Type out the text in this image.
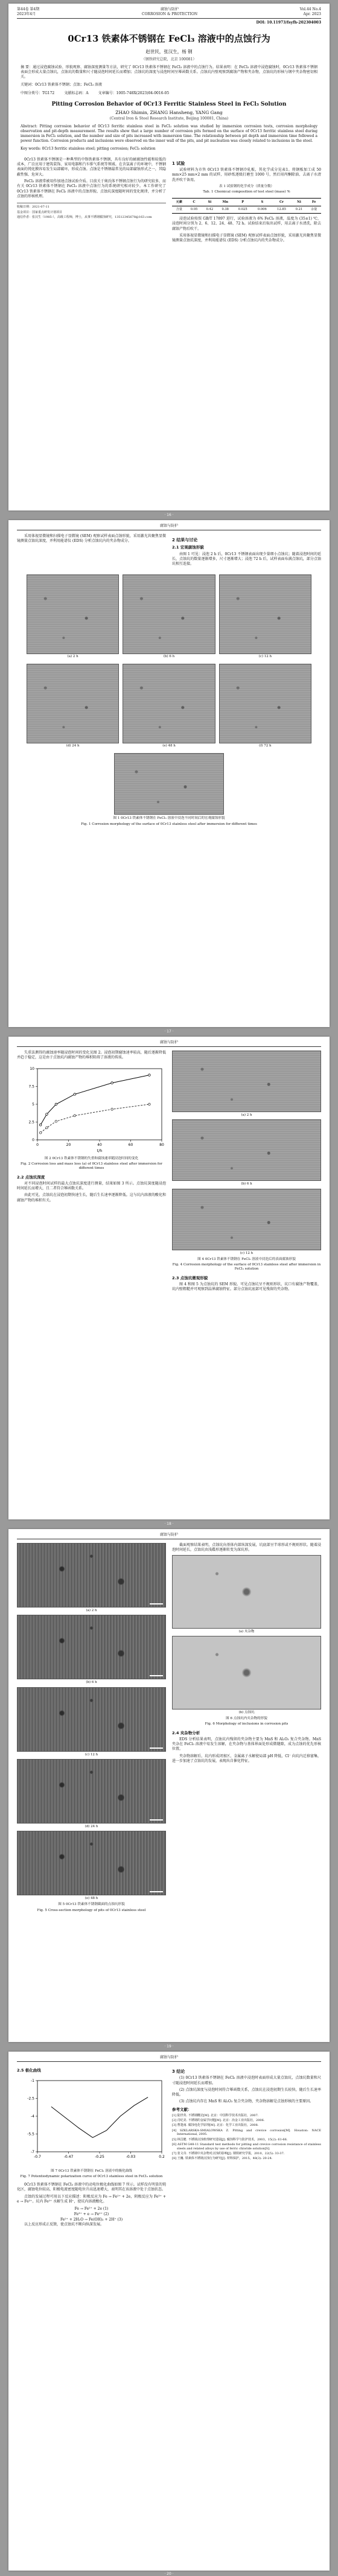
第44卷 第4期
2023年4月
腐蚀与防护
CORROSION & PROTECTION
Vol.44 No.4
Apr. 2023
DOI: 10.11973/fsyfh-202304003
0Cr13 铁素体不锈钢在 FeCl₃ 溶液中的点蚀行为
赵世民，张汉生，杨 钢
（钢铁研究总院，北京 100081）
摘 要：通过浸泡腐蚀试验、形貌观察、腐蚀深度测量等方法，研究了 0Cr13 铁素体不锈钢在 FeCl₃ 溶液中的点蚀行为。结果表明：在 FeCl₃ 溶液中浸泡腐蚀时，0Cr13 铁素体不锈钢表面会形成大量点蚀坑，点蚀坑的数量和尺寸随浸泡时间延长而增加；点蚀坑的深度与浸泡时间呈幂函数关系。点蚀坑内壁观察到腐蚀产物和夹杂物，点蚀坑的形核与钢中夹杂物密切相关。
关键词：0Cr13 铁素体不锈钢；点蚀；FeCl₃ 溶液
中图分类号：TG172	文献标志码：A	文章编号：1005-748X(2023)04-0016-05
Pitting Corrosion Behavior of 0Cr13 Ferritic Stainless Steel in FeCl₃ Solution
ZHAO Shimin, ZHANG Hansheng, YANG Gang
(Central Iron & Steel Research Institute, Beijing 100081, China)
Abstract: Pitting corrosion behavior of 0Cr13 ferritic stainless steel in FeCl₃ solution was studied by immersion corrosion tests, corrosion morphology observation and pit-depth measurement. The results show that a large number of corrosion pits formed on the surface of 0Cr13 ferritic stainless steel during immersion in FeCl₃ solution, and the number and size of pits increased with immersion time. The relationship between pit depth and immersion time followed a power function. Corrosion products and inclusions were observed on the inner wall of the pits, and pit nucleation was closely related to inclusions in the steel.
Key words: 0Cr13 ferritic stainless steel; pitting corrosion; FeCl₃ solution

0Cr13 铁素体不锈钢是一种典型的中铬铁素体不锈钢，具有良好的耐腐蚀性能和较低的成本，广泛应用于建筑装饰、家用电器和汽车排气系统等领域。在含氯离子的环境中，不锈钢表面的钝化膜容易发生局部破坏，形成点蚀。点蚀是不锈钢最常见的局部腐蚀形式之一，其隐蔽性强、危害大。

FeCl₃ 溶液常被用作加速点蚀试验介质。目前关于奥氏体不锈钢点蚀行为的研究较多，而有关 0Cr13 铁素体不锈钢在 FeCl₃ 溶液中点蚀行为的系统研究相对较少。本工作研究了 0Cr13 铁素体不锈钢在 FeCl₃ 溶液中的点蚀形貌、点蚀坑深度随时间的变化规律，并分析了点蚀的形核机理。

收稿日期：2021-07-11
基金项目：国家重点研发计划项目
通信作者：张汉生（1985-），高级工程师，博士，从事不锈钢腐蚀研究，13512345678@163.com
1 试验

试验材料为市售 0Cr13 铁素体不锈钢冷轧板，其化学成分见表1。将钢板加工成 50 mm×25 mm×2 mm 的试样，用砂纸逐级打磨至 1000 号，然后用丙酮除油、去离子水清洗并吹干备用。

表 1 试验钢的化学成分（质量分数）
Tab. 1 Chemical composition of test steel (mass) %
元素	C	Si	Mn	P	S	Cr	Ni	Fe
含量	0.05	0.42	0.38	0.025	0.006	12.85	0.21	余量

浸泡试验按照 GB/T 17897 进行，试验溶液为 6% FeCl₃ 溶液，温度为 (35±1) ℃，浸泡时间分别为 2、6、12、24、48、72 h。试验结束后取出试样，用去离子水清洗，除去腐蚀产物后吹干。

采用体视显微镜和扫描电子显微镜 (SEM) 观察试样表面点蚀形貌，采用激光共聚焦显微镜测量点蚀坑深度，并利用能谱仪 (EDS) 分析点蚀坑内的夹杂物成分。

· 16 ·
腐蚀与防护

采用体视显微镜和扫描电子显微镜 (SEM) 观察试样表面点蚀形貌，采用激光共聚焦显微镜测量点蚀坑深度，并利用能谱仪 (EDS) 分析点蚀坑内的夹杂物成分。	2 结果与讨论
2.1 宏观腐蚀形貌

由图 1 可见：浸泡 2 h 后，0Cr13 不锈钢表面出现少量细小点蚀坑；随着浸泡时间的延长，点蚀坑的数量逐渐增多，尺寸逐渐增大；浸泡 72 h 后，试样表面布满点蚀坑，部分点蚀坑相互连接。

(a) 2 h	(b) 6 h	(c) 12 h
(d) 24 h	(e) 48 h	(f) 72 h
图 1 0Cr13 铁素体不锈钢在 FeCl₃ 溶液中浸泡不同时间后的宏观腐蚀形貌
Fig. 1 Corrosion morphology of the surface of 0Cr13 stainless steel after immersion for different times
· 17 ·
腐蚀与防护

失重法测得的腐蚀速率随浸泡时间的变化见图 2。浸泡初期腐蚀速率较高，随后逐渐降低并趋于稳定，这是由于点蚀坑内腐蚀产物的堆积阻碍了溶液的传质。

0
0
20
2.5
40
5
60
7.5
80
10
t/h
图 2 0Cr13 铁素体不锈钢的失重和腐蚀速率随浸泡时间的变化
Fig. 2 Corrosion loss and mass loss (a) of 0Cr13 stainless steel after immersion for different times
2.2 点蚀坑深度

对不同浸泡时间试样的最大点蚀坑深度进行测量，结果如图 3 所示。点蚀坑深度随浸泡时间延长而增大，且二者符合幂函数关系。

由此可见，点蚀坑在浸泡初期快速生长，随后生长速率逐渐降低。这与坑内溶液的酸化和腐蚀产物的堆积有关。

(a) 2 h
(b) 6 h
(c) 12 h
图 4 0Cr13 铁素体不锈钢在 FeCl₃ 溶液中浸泡后的表面腐蚀形貌
Fig. 4 Corrosion morphology of the surface of 0Cr13 stainless steel after immersion in FeCl₃ solution
2.3 点蚀坑微观形貌

图 4 和图 5 为点蚀坑的 SEM 形貌。可见点蚀坑呈不规则形状，坑口有腐蚀产物覆盖，坑内壁粗糙并可观察到晶界腐蚀特征。部分点蚀坑底部可见残留的夹杂物。

· 18 ·
腐蚀与防护
(a) 2 h
(b) 6 h
(c) 12 h
(d) 24 h
(e) 48 h
图 5 0Cr13 铁素体不锈钢截面的点蚀坑形貌
Fig. 5 Cross-section morphology of pits of 0Cr13 stainless steel

截面观察结果表明，点蚀坑向基体内部纵深发展，坑底部呈半球形或不规则形状。随着浸泡时间延长，点蚀坑由浅碟形逐渐转变为深坑形。

(a) 夹杂物
(b) 点蚀坑
图 6 点蚀坑内夹杂物的形貌
Fig. 6 Morphology of inclusions in corrosion pits
2.4 夹杂物分析

EDS 分析结果表明，点蚀坑内残留的夹杂物主要为 MnS 和 Al₂O₃ 复合夹杂物。MnS 夹杂在 FeCl₃ 溶液中易发生溶解，在夹杂物与基体界面处形成微缝隙，成为点蚀的优先形核位置。

夹杂物溶解后，坑内形成闭塞区，金属离子水解使局部 pH 降低，Cl⁻ 向坑内迁移富集，进一步加速了点蚀坑的发展，表现出自催化特征。

· 19 ·
腐蚀与防护
2.5 极化曲线
-0.7
-7
-0.47
-5.5
-0.25
-4
-0.03
-2.5
0.2
-1
图 7 0Cr13 铁素体不锈钢在 FeCl₃ 溶液中的极化曲线
Fig. 7 Potentiodynamic polarization curve of 0Cr13 stainless steel in FeCl₃ solution

0Cr13 铁素体不锈钢在 FeCl₃ 溶液中的动电位极化曲线如图 7 所示。试样没有明显的钝化区，腐蚀电位较高，阳极电流密度随电位升高迅速增大，表明其在该溶液中处于点蚀状态。

点蚀的发展过程可用以下反应描述：阳极反应为 Fe → Fe²⁺ + 2e，阴极反应为 Fe³⁺ + e → Fe²⁺。坑内 Fe²⁺ 水解生成 H⁺，使坑内溶液酸化。

Fe → Fe²⁺ + 2e (1)
Fe³⁺ + e → Fe²⁺ (2)
Fe²⁺ + 2H₂O → Fe(OH)₂ + 2H⁺ (3)

以上反应形成正反馈，使点蚀坑不断向纵深发展。

3 结论

(1) 0Cr13 铁素体不锈钢在 FeCl₃ 溶液中浸泡时表面形成大量点蚀坑，点蚀坑数量和尺寸随浸泡时间延长而增加。

(2) 点蚀坑深度与浸泡时间符合幂函数关系，点蚀坑在浸泡初期生长较快，随后生长速率降低。

(3) 点蚀坑内存在 MnS 和 Al₂O₃ 复合夹杂物，夹杂物溶解是点蚀形核的主要原因。

参考文献：
[1] 陆世英. 不锈钢概论[M]. 北京：中国科学技术出版社，2007.
[2] 肖纪美. 不锈钢的金属学问题[M]. 北京：冶金工业出版社，2006.
[3] 曹楚南. 腐蚀电化学原理[M]. 北京：化学工业出版社，2008.
[4] SZKLARSKA-SMIALOWSKA Z. Pitting and crevice corrosion[M]. Houston: NACE International, 2005.
[5] 林昌健. 不锈钢点蚀机理研究进展[J]. 腐蚀科学与防护技术，2003，15(2): 61-66.
[6] ASTM G48-11 Standard test methods for pitting and crevice corrosion resistance of stainless steels and related alloys by use of ferric chloride solution[S].
[7] 张文奇. 不锈钢中夹杂物对点蚀的影响[J]. 钢铁研究学报，2010，22(5): 33-37.
[8] 王巍. 铁素体不锈钢点蚀行为研究[J]. 材料保护，2015，48(3): 20-24.
· 20 ·
